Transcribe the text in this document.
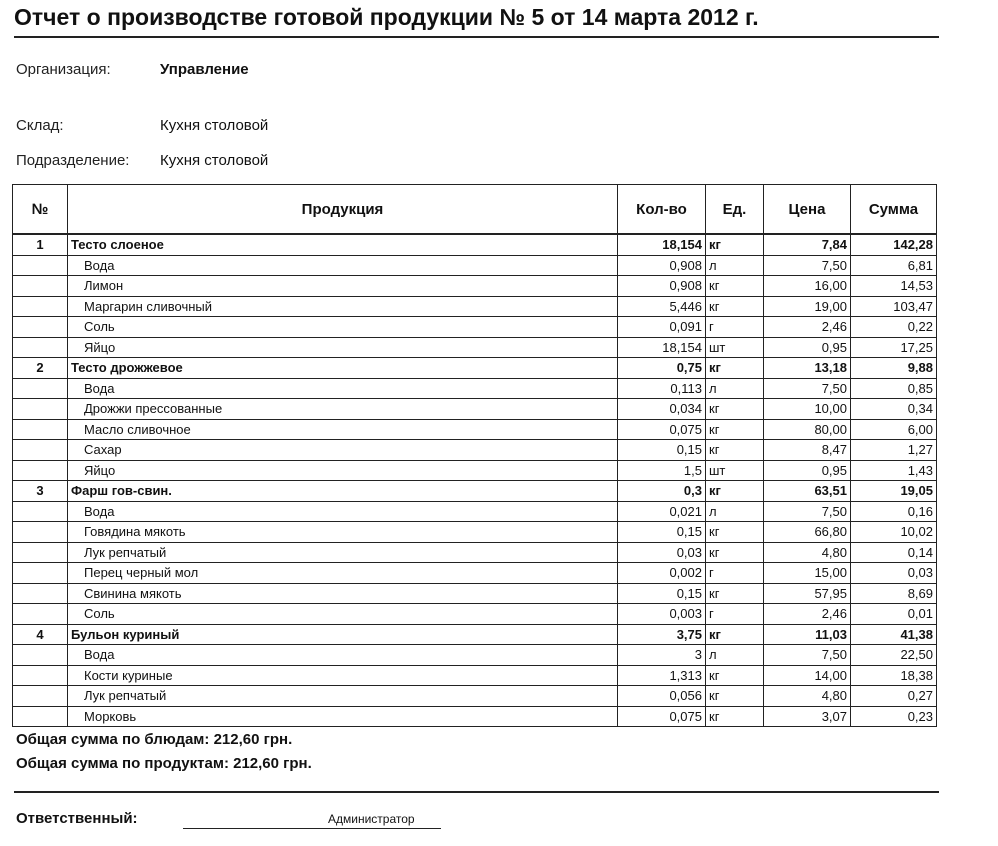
Отчет о производстве готовой продукции № 5 от 14 марта 2012 г.
Организация:	Управление
Склад:	Кухня столовой
Подразделение: Кухня столовой
№	Продукция	Кол-во	Ед.	Цена	Сумма
1	Тесто слоеное	18,154	кг	7,84	142,28
	Вода	0,908	л	7,50	6,81
	Лимон	0,908	кг	16,00	14,53
	Маргарин сливочный	5,446	кг	19,00	103,47
	Соль	0,091	г	2,46	0,22
	Яйцо	18,154	шт	0,95	17,25
2	Тесто дрожжевое	0,75	кг	13,18	9,88
	Вода	0,113	л	7,50	0,85
	Дрожжи прессованные	0,034	кг	10,00	0,34
	Масло сливочное	0,075	кг	80,00	6,00
	Сахар	0,15	кг	8,47	1,27
	Яйцо	1,5	шт	0,95	1,43
3	Фарш гов-свин.	0,3	кг	63,51	19,05
	Вода	0,021	л	7,50	0,16
	Говядина мякоть	0,15	кг	66,80	10,02
	Лук репчатый	0,03	кг	4,80	0,14
	Перец черный мол	0,002	г	15,00	0,03
	Свинина мякоть	0,15	кг	57,95	8,69
	Соль	0,003	г	2,46	0,01
4	Бульон куриный	3,75	кг	11,03	41,38
	Вода	3	л	7,50	22,50
	Кости куриные	1,313	кг	14,00	18,38
	Лук репчатый	0,056	кг	4,80	0,27
	Морковь	0,075	кг	3,07	0,23
Общая сумма по блюдам: 212,60 грн.
Общая сумма по продуктам: 212,60 грн.
Ответственный:	Администратор
